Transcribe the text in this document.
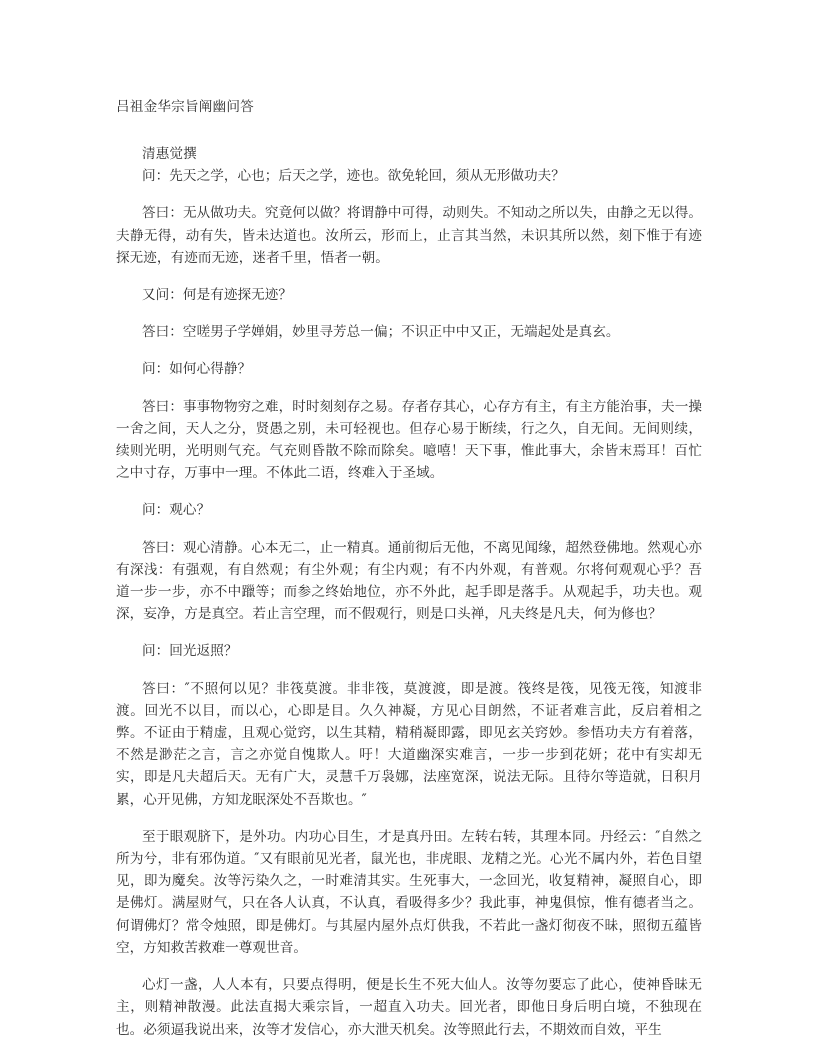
吕祖金华宗旨阐幽问答
清惠觉撰
问：先天之学，心也；后天之学，迹也。欲免轮回，须从无形做功夫？
答曰：无从做功夫。究竟何以做？将谓静中可得，动则失。不知动之所以失，由静之无以得。夫静无得，动有失，皆未达道也。汝所云，形而上，止言其当然，未识其所以然，刻下惟于有迹探无迹，有迹而无迹，迷者千里，悟者一朝。
又问：何是有迹探无迹？
答曰：空嗟男子学婵娟，妙里寻芳总一偏；不识正中中又正，无端起处是真玄。
问：如何心得静？
答曰：事事物物穷之难，时时刻刻存之易。存者存其心，心存方有主，有主方能治事，夫一操一舍之间，天人之分，贤愚之别，未可轻视也。但存心易于断续，行之久，自无间。无间则续，续则光明，光明则气充。气充则昏散不除而除矣。噫嘻！天下事，惟此事大，余皆末焉耳！百忙之中寸存，万事中一理。不体此二语，终难入于圣域。
问：观心？
答曰：观心清静。心本无二，止一精真。通前彻后无他，不离见闻缘，超然登佛地。然观心亦有深浅：有强观，有自然观；有尘外观；有尘内观；有不内外观，有普观。尔将何观观心乎？吾道一步一步，亦不中躐等；而参之终始地位，亦不外此，起手即是落手。从观起手，功夫也。观深，妄净，方是真空。若止言空理，而不假观行，则是口头禅，凡夫终是凡夫，何为修也？
问：回光返照？
答曰：″不照何以见？非筏莫渡。非非筏，莫渡渡，即是渡。筏终是筏，见筏无筏，知渡非渡。回光不以目，而以心，心即是目。久久神凝，方见心目朗然，不证者难言此，反启着相之弊。不证由于精虚，且观心觉窍，以生其精，精稍凝即露，即见玄关窍妙。参悟功夫方有着落，不然是渺茫之言，言之亦觉自愧欺人。吁！大道幽深实难言，一步一步到花妍；花中有实却无实，即是凡夫超后天。无有广大，灵慧千万袅娜，法座宽深，说法无际。且待尔等造就，日积月累，心开见佛，方知龙眠深处不吾欺也。″
至于眼观脐下，是外功。内功心目生，才是真丹田。左转右转，其理本同。丹经云：″自然之所为兮，非有邪伪道。″又有眼前见光者，鼠光也，非虎眼、龙精之光。心光不属内外，若色目望见，即为魔矣。汝等污染久之，一时难清其实。生死事大，一念回光，收复精神，凝照自心，即是佛灯。满屋财气，只在各人认真，不认真，看吸得多少？我此事，神鬼俱惊，惟有德者当之。何谓佛灯？常令烛照，即是佛灯。与其屋内屋外点灯供我，不若此一盏灯彻夜不昧，照彻五蕴皆空，方知救苦救难一尊观世音。
心灯一盏，人人本有，只要点得明，便是长生不死大仙人。汝等勿要忘了此心，使神昏昧无主，则精神散漫。此法直揭大乘宗旨，一超直入功夫。回光者，即他日身后明白境，不独现在也。必须逼我说出来，汝等才发信心，亦大泄天机矣。汝等照此行去，不期效而自效，平生
